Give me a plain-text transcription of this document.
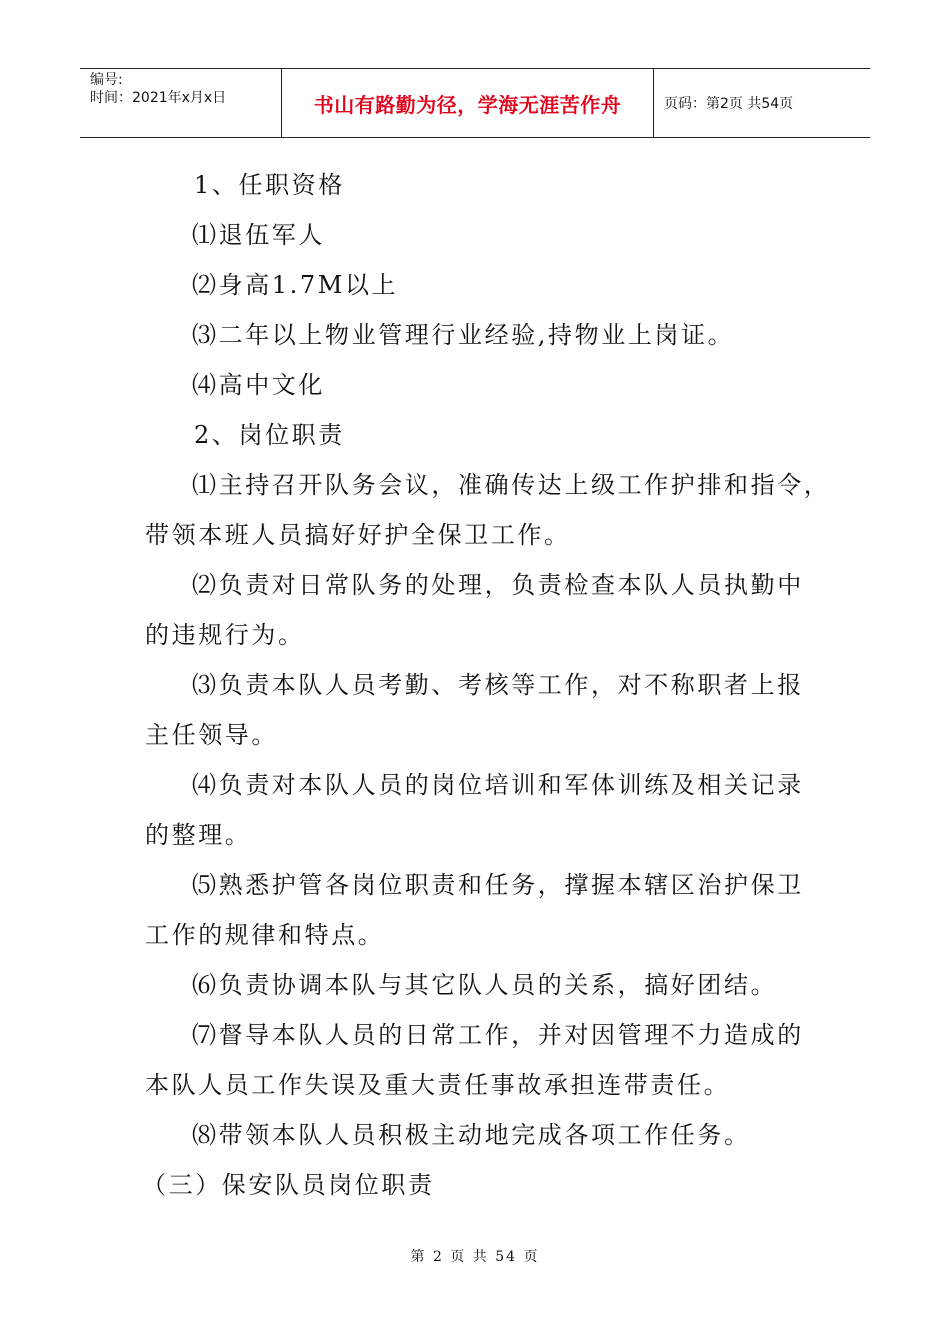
编号:
时间：2021年x月x日	书山有路勤为径，学海无涯苦作舟	页码：第2页 共54页

1、任职资格

⑴退伍军人

⑵身高1.7M以上

⑶二年以上物业管理行业经验,持物业上岗证。

⑷高中文化

2、岗位职责

⑴主持召开队务会议，准确传达上级工作护排和指令，

带领本班人员搞好好护全保卫工作。

⑵负责对日常队务的处理，负责检查本队人员执勤中

的违规行为。

⑶负责本队人员考勤、考核等工作，对不称职者上报

主任领导。

⑷负责对本队人员的岗位培训和军体训练及相关记录

的整理。

⑸熟悉护管各岗位职责和任务，撑握本辖区治护保卫

工作的规律和特点。

⑹负责协调本队与其它队人员的关系，搞好团结。

⑺督导本队人员的日常工作，并对因管理不力造成的

本队人员工作失误及重大责任事故承担连带责任。

⑻带领本队人员积极主动地完成各项工作任务。

（三）保安队员岗位职责

第 2 页 共 54 页
